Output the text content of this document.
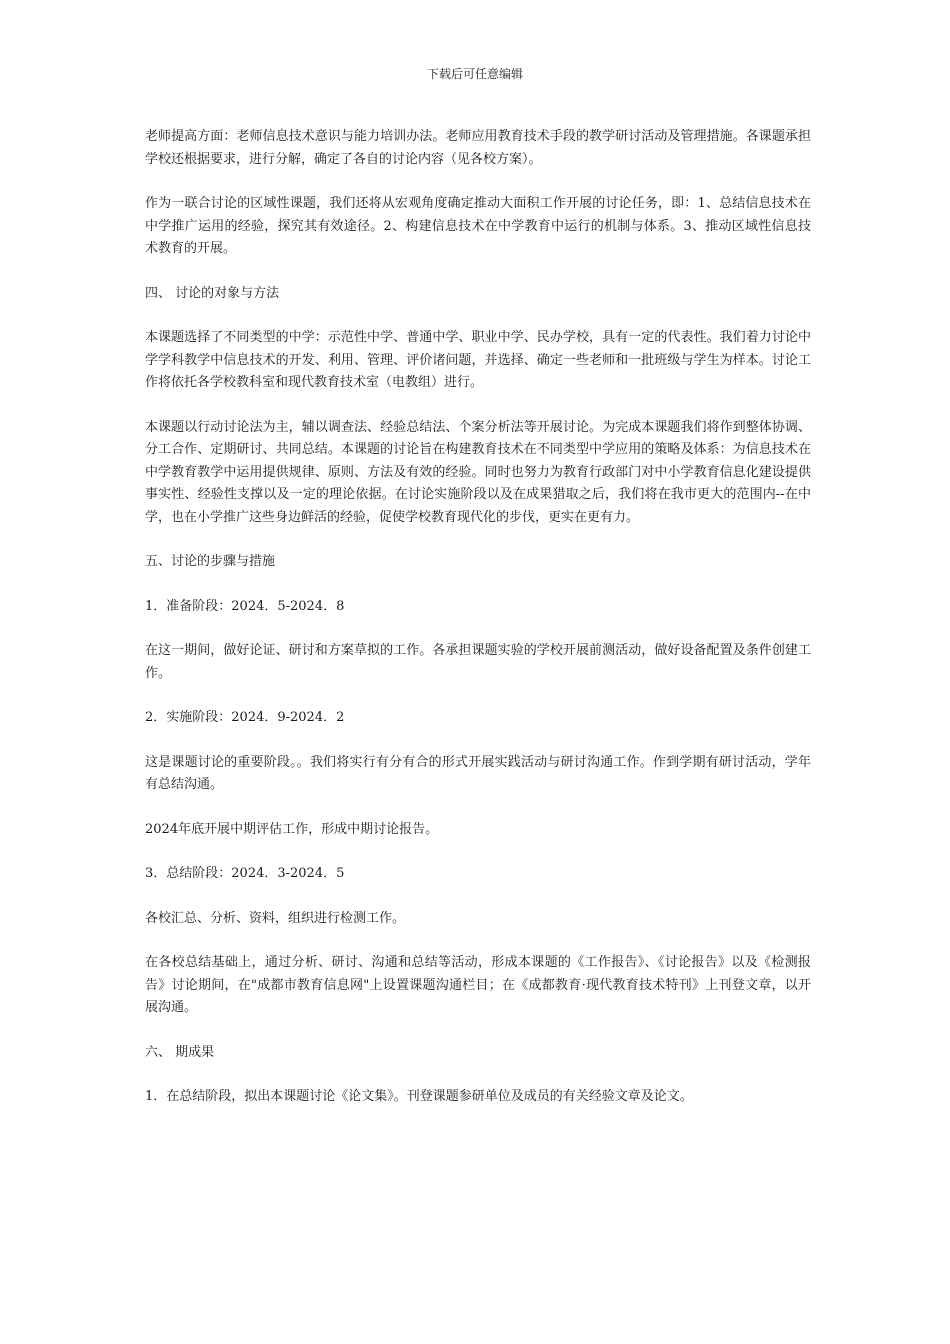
下载后可任意编辑

老师提高方面：老师信息技术意识与能力培训办法。老师应用教育技术手段的教学研讨活动及管理措施。各课题承担学校还根据要求，进行分解，确定了各自的讨论内容（见各校方案）。

作为一联合讨论的区域性课题，我们还将从宏观角度确定推动大面积工作开展的讨论任务，即：1、总结信息技术在中学推广运用的经验，探究其有效途径。2、构建信息技术在中学教育中运行的机制与体系。3、推动区域性信息技术教育的开展。

四、 讨论的对象与方法

本课题选择了不同类型的中学：示范性中学、普通中学、职业中学、民办学校，具有一定的代表性。我们着力讨论中学学科教学中信息技术的开发、利用、管理、评价诸问题，并选择、确定一些老师和一批班级与学生为样本。讨论工作将依托各学校教科室和现代教育技术室（电教组）进行。

本课题以行动讨论法为主，辅以调查法、经验总结法、个案分析法等开展讨论。为完成本课题我们将作到整体协调、分工合作、定期研讨、共同总结。本课题的讨论旨在构建教育技术在不同类型中学应用的策略及体系：为信息技术在中学教育教学中运用提供规律、原则、方法及有效的经验。同时也努力为教育行政部门对中小学教育信息化建设提供事实性、经验性支撑以及一定的理论依据。在讨论实施阶段以及在成果猎取之后，我们将在我市更大的范围内--在中学，也在小学推广这些身边鲜活的经验，促使学校教育现代化的步伐，更实在更有力。

五、讨论的步骤与措施

1．准备阶段：2024．5-2024．8

在这一期间，做好论证、研讨和方案草拟的工作。各承担课题实验的学校开展前测活动，做好设备配置及条件创建工作。

2．实施阶段：2024．9-2024．2

这是课题讨论的重要阶段。。我们将实行有分有合的形式开展实践活动与研讨沟通工作。作到学期有研讨活动，学年有总结沟通。

2024年底开展中期评估工作，形成中期讨论报告。

3．总结阶段：2024．3-2024．5

各校汇总、分析、资料，组织进行检测工作。

在各校总结基础上，通过分析、研讨、沟通和总结等活动，形成本课题的《工作报告》、《讨论报告》以及《检测报告》讨论期间，在"成都市教育信息网"上设置课题沟通栏目；在《成都教育·现代教育技术特刊》上刊登文章，以开展沟通。

六、 期成果

1．在总结阶段，拟出本课题讨论《论文集》。刊登课题参研单位及成员的有关经验文章及论文。
